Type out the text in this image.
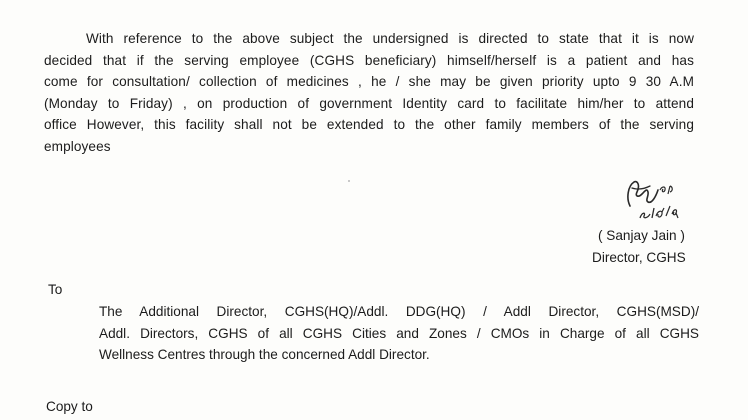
With reference to the above subject the undersigned is directed to state that it is now
decided that if the serving employee (CGHS beneficiary) himself/herself is a patient and has
come for consultation/ collection of medicines , he / she may be given priority upto 9 30 A.M
(Monday to Friday) , on production of government Identity card to facilitate him/her to attend
office However, this facility shall not be extended to the other family members of the serving
employees
( Sanjay Jain )
Director, CGHS
To
The Additional Director, CGHS(HQ)/Addl. DDG(HQ) / Addl Director, CGHS(MSD)/
Addl. Directors, CGHS of all CGHS Cities and Zones / CMOs in Charge of all CGHS
Wellness Centres through the concerned Addl Director.
Copy to
